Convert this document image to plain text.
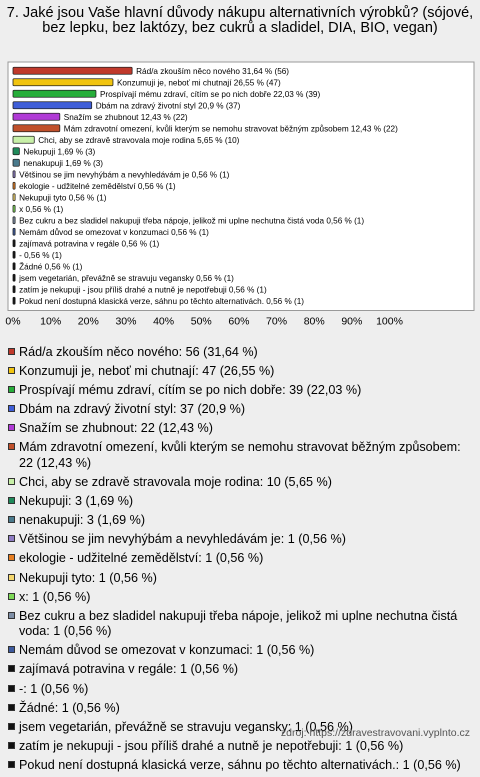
7. Jaké jsou Vaše hlavní důvody nákupu alternativních výrobků? (sójové, bez lepku, bez laktózy, bez cukrů a sladidel, DIA, BIO, vegan)
Rád/a zkouším něco nového 31,64 % (56)
Konzumuji je, neboť mi chutnají 26,55 % (47)
Prospívají mému zdraví, cítím se po nich dobře 22,03 % (39)
Dbám na zdravý životní styl 20,9 % (37)
Snažím se zhubnout 12,43 % (22)
Mám zdravotní omezení, kvůli kterým se nemohu stravovat běžným způsobem 12,43 % (22)
Chci, aby se zdravě stravovala moje rodina 5,65 % (10)
Nekupuji 1,69 % (3)
nenakupuji 1,69 % (3)
Většinou se jim nevyhýbám a nevyhledávám je 0,56 % (1)
ekologie - udžitelné zemědělství 0,56 % (1)
Nekupuji tyto 0,56 % (1)
x 0,56 % (1)
Bez cukru a bez sladidel nakupuji třeba nápoje, jelikož mi uplne nechutna čistá voda 0,56 % (1)
Nemám důvod se omezovat v konzumaci 0,56 % (1)
zajímavá potravina v regále 0,56 % (1)
- 0,56 % (1)
Žádné 0,56 % (1)
jsem vegetarián, převážně se stravuju vegansky 0,56 % (1)
zatím je nekupuji - jsou příliš drahé a nutně je nepotřebuji 0,56 % (1)
Pokud není dostupná klasická verze, sáhnu po těchto alternativách. 0,56 % (1)
0% 10% 20% 30% 40% 50% 60% 70% 80% 90% 100%
Rád/a zkouším něco nového: 56 (31,64 %)
Konzumuji je, neboť mi chutnají: 47 (26,55 %)
Prospívají mému zdraví, cítím se po nich dobře: 39 (22,03 %)
Dbám na zdravý životní styl: 37 (20,9 %)
Snažím se zhubnout: 22 (12,43 %)
Mám zdravotní omezení, kvůli kterým se nemohu stravovat běžným způsobem: 22 (12,43 %)
Chci, aby se zdravě stravovala moje rodina: 10 (5,65 %)
Nekupuji: 3 (1,69 %)
nenakupuji: 3 (1,69 %)
Většinou se jim nevyhýbám a nevyhledávám je: 1 (0,56 %)
ekologie - udžitelné zemědělství: 1 (0,56 %)
Nekupuji tyto: 1 (0,56 %)
x: 1 (0,56 %)
Bez cukru a bez sladidel nakupuji třeba nápoje, jelikož mi uplne nechutna čistá voda: 1 (0,56 %)
Nemám důvod se omezovat v konzumaci: 1 (0,56 %)
zajímavá potravina v regále: 1 (0,56 %)
-: 1 (0,56 %)
Žádné: 1 (0,56 %)
jsem vegetarián, převážně se stravuju vegansky: 1 (0,56 %)
zatím je nekupuji - jsou příliš drahé a nutně je nepotřebuji: 1 (0,56 %)
Pokud není dostupná klasická verze, sáhnu po těchto alternativách.: 1 (0,56 %)
zdroj: https://zdravestravovani.vyplnto.cz
